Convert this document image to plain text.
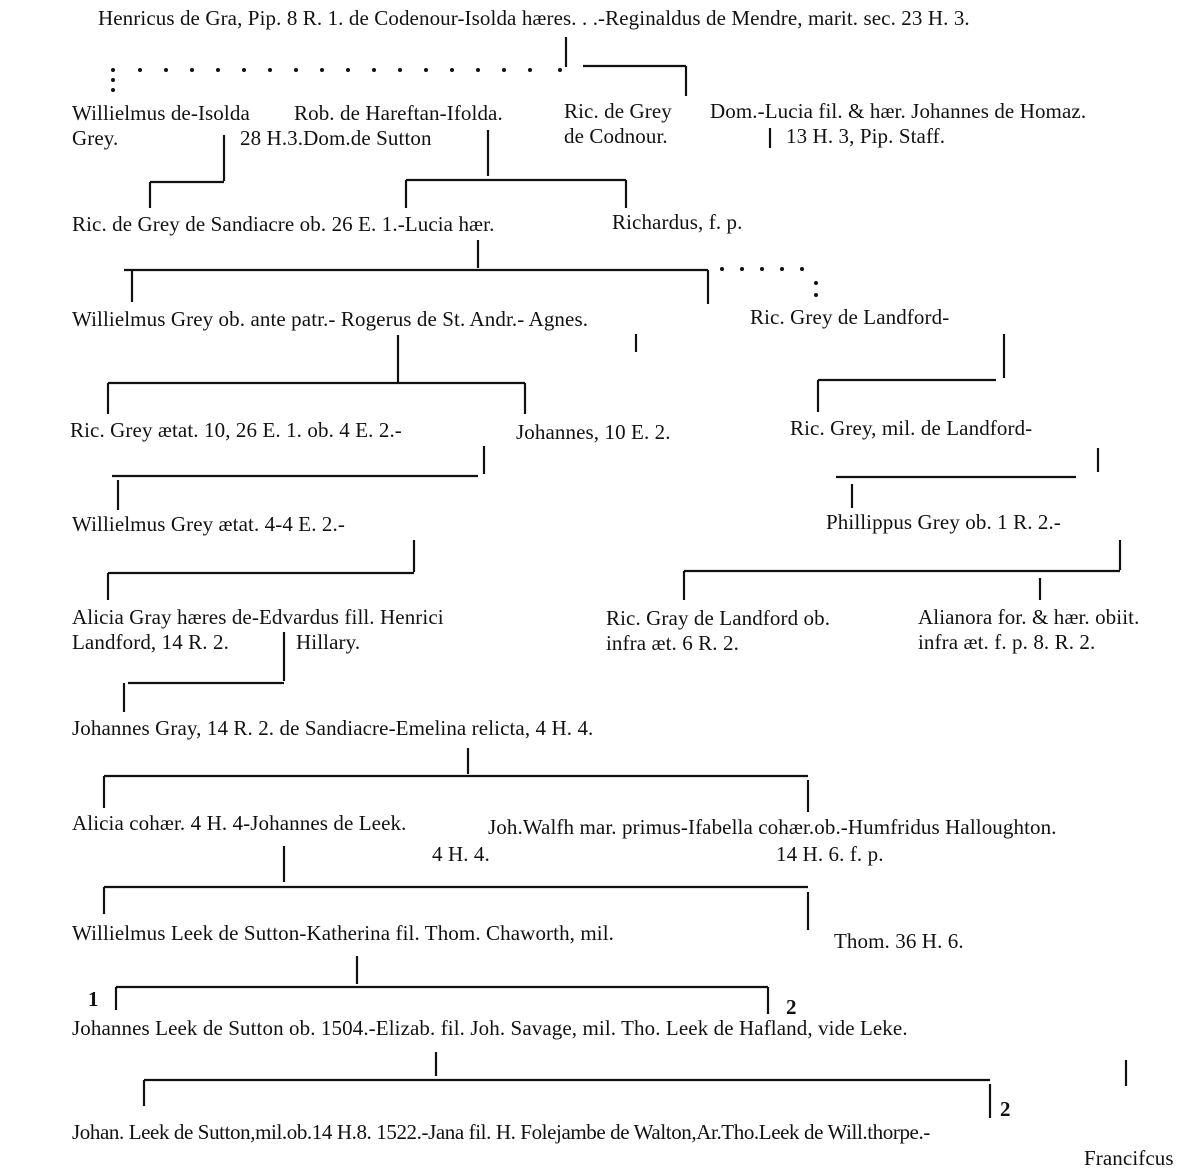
Henricus de Gra, Pip. 8 R. 1. de Codenour-Isolda hæres. . .-Reginaldus de Mendre, marit. sec. 23 H. 3.
Willielmus de-Isolda
Grey.
Rob. de Hareftan-Ifolda.
28 H.3.Dom.de Sutton
Ric. de Grey
de Codnour.
Dom.-Lucia fil. & hær. Johannes de Homaz.
13 H. 3, Pip. Staff.
Ric. de Grey de Sandiacre ob. 26 E. 1.-Lucia hær.	Richardus, f. p.
Willielmus Grey ob. ante patr.- Rogerus de St. Andr.- Agnes.	Ric. Grey de Landford-
Ric. Grey ætat. 10, 26 E. 1. ob. 4 E. 2.-	Johannes, 10 E. 2.	Ric. Grey, mil. de Landford-
Willielmus Grey ætat. 4-4 E. 2.-	Phillippus Grey ob. 1 R. 2.-
Alicia Gray hæres de-Edvardus fill. Henrici
Landford, 14 R. 2.	Hillary.
Ric. Gray de Landford ob.
infra æt. 6 R. 2.
Alianora for. & hær. obiit.
infra æt. f. p. 8. R. 2.
Johannes Gray, 14 R. 2. de Sandiacre-Emelina relicta, 4 H. 4.
Alicia cohær. 4 H. 4-Johannes de Leek.
4 H. 4.
Joh.Walfh mar. primus-Ifabella cohær.ob.-Humfridus Halloughton.
14 H. 6. f. p.
Willielmus Leek de Sutton-Katherina fil. Thom. Chaworth, mil.	Thom. 36 H. 6.
1	2
Johannes Leek de Sutton ob. 1504.-Elizab. fil. Joh. Savage, mil. Tho. Leek de Hafland, vide Leke.
2
Johan. Leek de Sutton,mil.ob.14 H.8. 1522.-Jana fil. H. Folejambe de Walton,Ar.Tho.Leek de Will.thorpe.-
Francifcus
